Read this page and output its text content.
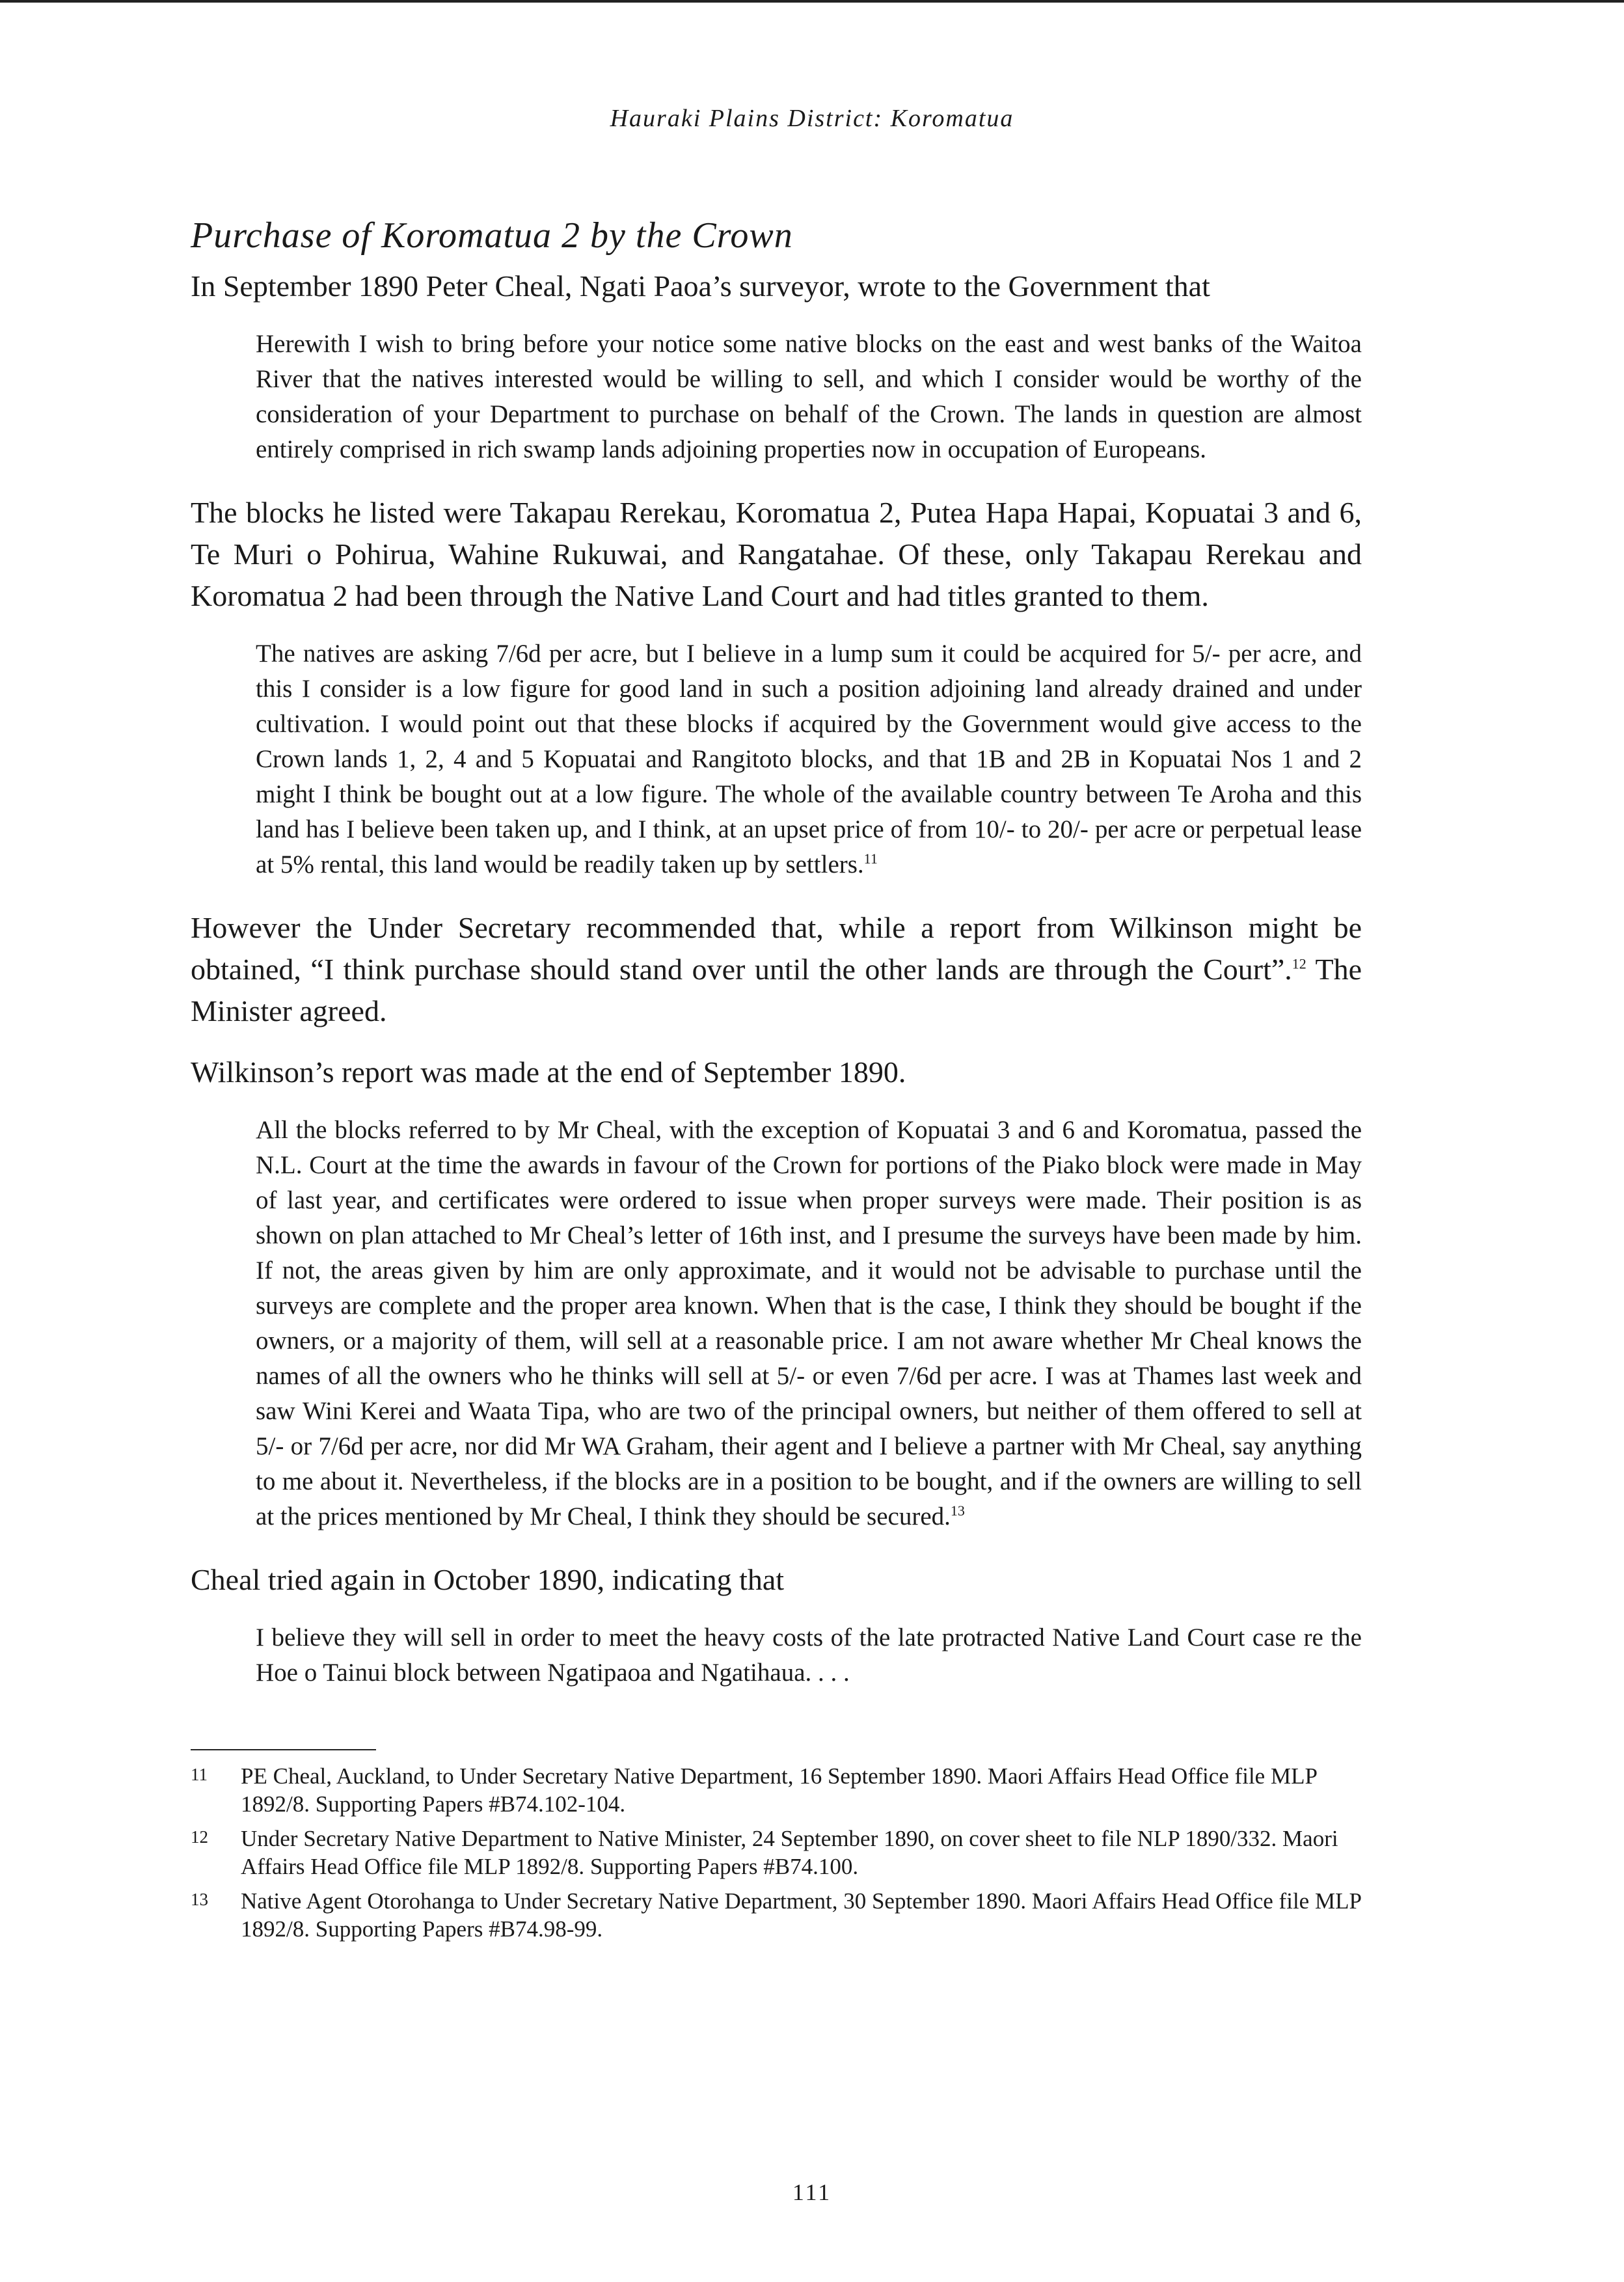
Hauraki Plains District: Koromatua
Purchase of Koromatua 2 by the Crown

In September 1890 Peter Cheal, Ngati Paoa’s surveyor, wrote to the Government that

Herewith I wish to bring before your notice some native blocks on the east and west banks of the Waitoa River that the natives interested would be willing to sell, and which I consider would be worthy of the consideration of your Department to purchase on behalf of the Crown. The lands in question are almost entirely comprised in rich swamp lands adjoining properties now in occupation of Europeans.

The blocks he listed were Takapau Rerekau, Koromatua 2, Putea Hapa Hapai, Kopuatai 3 and 6, Te Muri o Pohirua, Wahine Rukuwai, and Rangatahae. Of these, only Takapau Rerekau and Koromatua 2 had been through the Native Land Court and had titles granted to them.

The natives are asking 7/6d per acre, but I believe in a lump sum it could be acquired for 5/- per acre, and this I consider is a low figure for good land in such a position adjoining land already drained and under cultivation. I would point out that these blocks if acquired by the Government would give access to the Crown lands 1, 2, 4 and 5 Kopuatai and Rangitoto blocks, and that 1B and 2B in Kopuatai Nos 1 and 2 might I think be bought out at a low figure. The whole of the available country between Te Aroha and this land has I believe been taken up, and I think, at an upset price of from 10/- to 20/- per acre or perpetual lease at 5% rental, this land would be readily taken up by settlers.$^{11}$

However the Under Secretary recommended that, while a report from Wilkinson might be obtained, “I think purchase should stand over until the other lands are through the Court”.$^{12}$ The Minister agreed.

Wilkinson’s report was made at the end of September 1890.

All the blocks referred to by Mr Cheal, with the exception of Kopuatai 3 and 6 and Koromatua, passed the N.L. Court at the time the awards in favour of the Crown for portions of the Piako block were made in May of last year, and certificates were ordered to issue when proper surveys were made. Their position is as shown on plan attached to Mr Cheal’s letter of 16th inst, and I presume the surveys have been made by him. If not, the areas given by him are only approximate, and it would not be advisable to purchase until the surveys are complete and the proper area known. When that is the case, I think they should be bought if the owners, or a majority of them, will sell at a reasonable price. I am not aware whether Mr Cheal knows the names of all the owners who he thinks will sell at 5/- or even 7/6d per acre. I was at Thames last week and saw Wini Kerei and Waata Tipa, who are two of the principal owners, but neither of them offered to sell at 5/- or 7/6d per acre, nor did Mr WA Graham, their agent and I believe a partner with Mr Cheal, say anything to me about it. Nevertheless, if the blocks are in a position to be bought, and if the owners are willing to sell at the prices mentioned by Mr Cheal, I think they should be secured.$^{13}$

Cheal tried again in October 1890, indicating that

I believe they will sell in order to meet the heavy costs of the late protracted Native Land Court case re the Hoe o Tainui block between Ngatipaoa and Ngatihaua. . . .
11 PE Cheal, Auckland, to Under Secretary Native Department, 16 September 1890. Maori Affairs Head Office file MLP 1892/8. Supporting Papers #B74.102-104.
12 Under Secretary Native Department to Native Minister, 24 September 1890, on cover sheet to file NLP 1890/332. Maori Affairs Head Office file MLP 1892/8. Supporting Papers #B74.100.
13 Native Agent Otorohanga to Under Secretary Native Department, 30 September 1890. Maori Affairs Head Office file MLP 1892/8. Supporting Papers #B74.98-99.
111
